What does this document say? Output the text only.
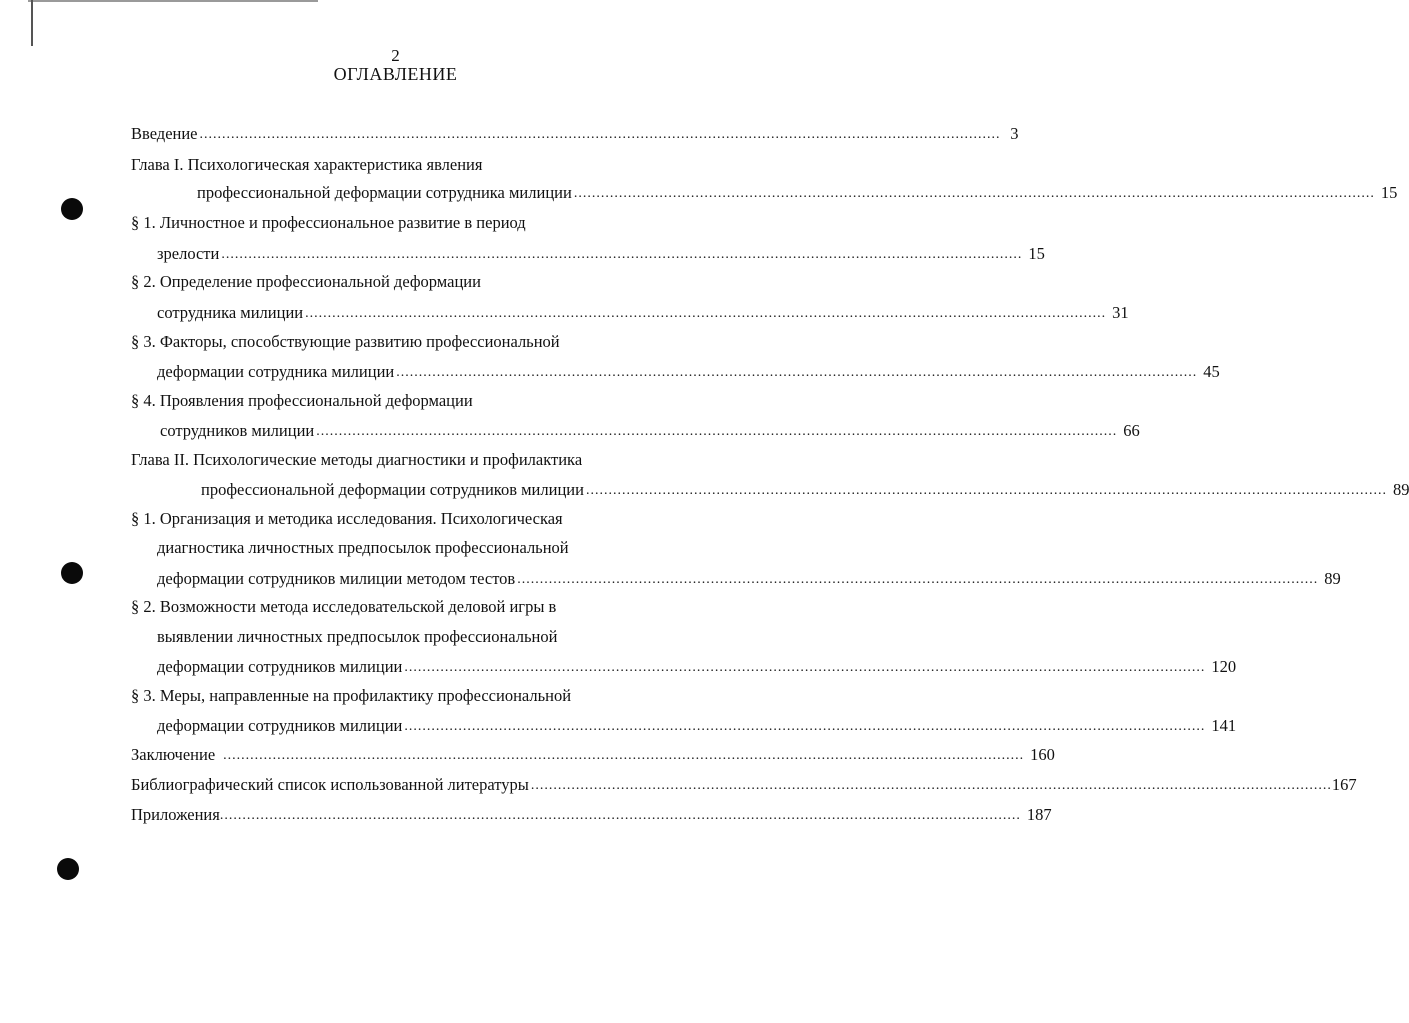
2
ОГЛАВЛЕНИЕ
Введение .................................................................................................................................................................................. 3
Глава I. Психологическая характеристика явления
профессиональной деформации сотрудника милиции .................................................................................................................................................................................. 15
§ 1. Личностное и профессиональное развитие в период
зрелости .................................................................................................................................................................................. 15
§ 2. Определение профессиональной деформации
сотрудника милиции .................................................................................................................................................................................. 31
§ 3. Факторы, способствующие развитию профессиональной
деформации сотрудника милиции .................................................................................................................................................................................. 45
§ 4. Проявления профессиональной деформации
сотрудников милиции .................................................................................................................................................................................. 66
Глава II. Психологические методы диагностики и профилактика
профессиональной деформации сотрудников милиции .................................................................................................................................................................................. 89
§ 1. Организация и методика исследования. Психологическая
диагностика личностных предпосылок профессиональной
деформации сотрудников милиции методом тестов .................................................................................................................................................................................. 89
§ 2. Возможности метода исследовательской деловой игры в
выявлении личностных предпосылок профессиональной
деформации сотрудников милиции .................................................................................................................................................................................. 120
§ 3. Меры, направленные на профилактику профессиональной
деформации сотрудников милиции .................................................................................................................................................................................. 141
Заключение .................................................................................................................................................................................. 160
Библиографический список использованной литературы .................................................................................................................................................................................. 167
Приложения .................................................................................................................................................................................. 187
